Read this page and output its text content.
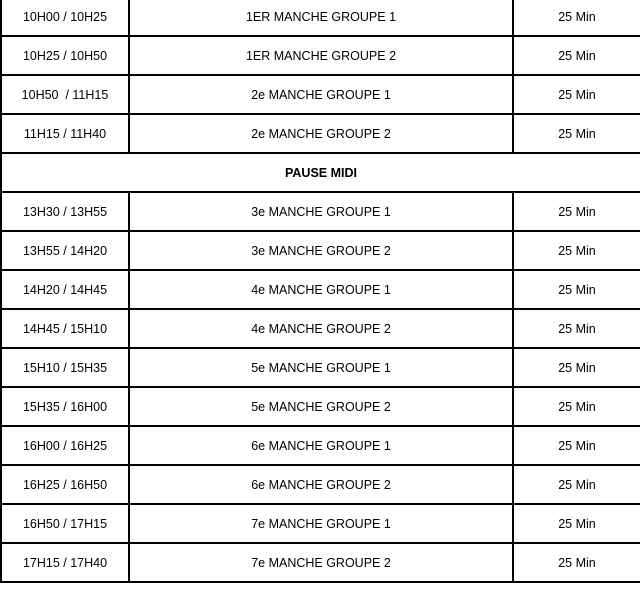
10H00 / 10H25	1ER MANCHE GROUPE 1	25 Min
10H25 / 10H50	1ER MANCHE GROUPE 2	25 Min
10H50  / 11H15	2e MANCHE GROUPE 1	25 Min
11H15 / 11H40	2e MANCHE GROUPE 2	25 Min
PAUSE MIDI		
13H30 / 13H55	3e MANCHE GROUPE 1	25 Min
13H55 / 14H20	3e MANCHE GROUPE 2	25 Min
14H20 / 14H45	4e MANCHE GROUPE 1	25 Min
14H45 / 15H10	4e MANCHE GROUPE 2	25 Min
15H10 / 15H35	5e MANCHE GROUPE 1	25 Min
15H35 / 16H00	5e MANCHE GROUPE 2	25 Min
16H00 / 16H25	6e MANCHE GROUPE 1	25 Min
16H25 / 16H50	6e MANCHE GROUPE 2	25 Min
16H50 / 17H15	7e MANCHE GROUPE 1	25 Min
17H15 / 17H40	7e MANCHE GROUPE 2	25 Min
